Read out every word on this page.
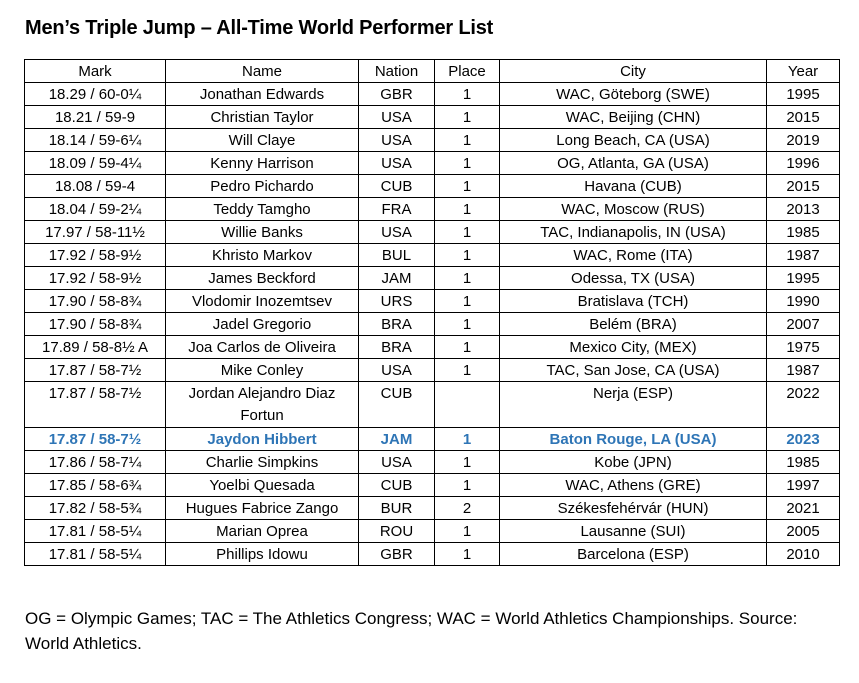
Men’s Triple Jump – All-Time World Performer List
Mark	Name	Nation	Place	City	Year
18.29 / 60-0¼	Jonathan Edwards	GBR	1	WAC, Göteborg (SWE)	1995
18.21 / 59-9	Christian Taylor	USA	1	WAC, Beijing (CHN)	2015
18.14 / 59-6¼	Will Claye	USA	1	Long Beach, CA (USA)	2019
18.09 / 59-4¼	Kenny Harrison	USA	1	OG, Atlanta, GA (USA)	1996
18.08 / 59-4	Pedro Pichardo	CUB	1	Havana (CUB)	2015
18.04 / 59-2¼	Teddy Tamgho	FRA	1	WAC, Moscow (RUS)	2013
17.97 / 58-11½	Willie Banks	USA	1	TAC, Indianapolis, IN (USA)	1985
17.92 / 58-9½	Khristo Markov	BUL	1	WAC, Rome (ITA)	1987
17.92 / 58-9½	James Beckford	JAM	1	Odessa, TX (USA)	1995
17.90 / 58-8¾	Vlodomir Inozemtsev	URS	1	Bratislava (TCH)	1990
17.90 / 58-8¾	Jadel Gregorio	BRA	1	Belém (BRA)	2007
17.89 / 58-8½ A	Joa Carlos de Oliveira	BRA	1	Mexico City, (MEX)	1975
17.87 / 58-7½	Mike Conley	USA	1	TAC, San Jose, CA (USA)	1987
17.87 / 58-7½	Jordan Alejandro Diaz Fortun	CUB		Nerja (ESP)	2022
17.87 / 58-7½	Jaydon Hibbert	JAM	1	Baton Rouge, LA (USA)	2023
17.86 / 58-7¼	Charlie Simpkins	USA	1	Kobe (JPN)	1985
17.85 / 58-6¾	Yoelbi Quesada	CUB	1	WAC, Athens (GRE)	1997
17.82 / 58-5¾	Hugues Fabrice Zango	BUR	2	Székesfehérvár (HUN)	2021
17.81 / 58-5¼	Marian Oprea	ROU	1	Lausanne (SUI)	2005
17.81 / 58-5¼	Phillips Idowu	GBR	1	Barcelona (ESP)	2010
OG = Olympic Games; TAC = The Athletics Congress; WAC = World Athletics Championships. Source: World Athletics.
